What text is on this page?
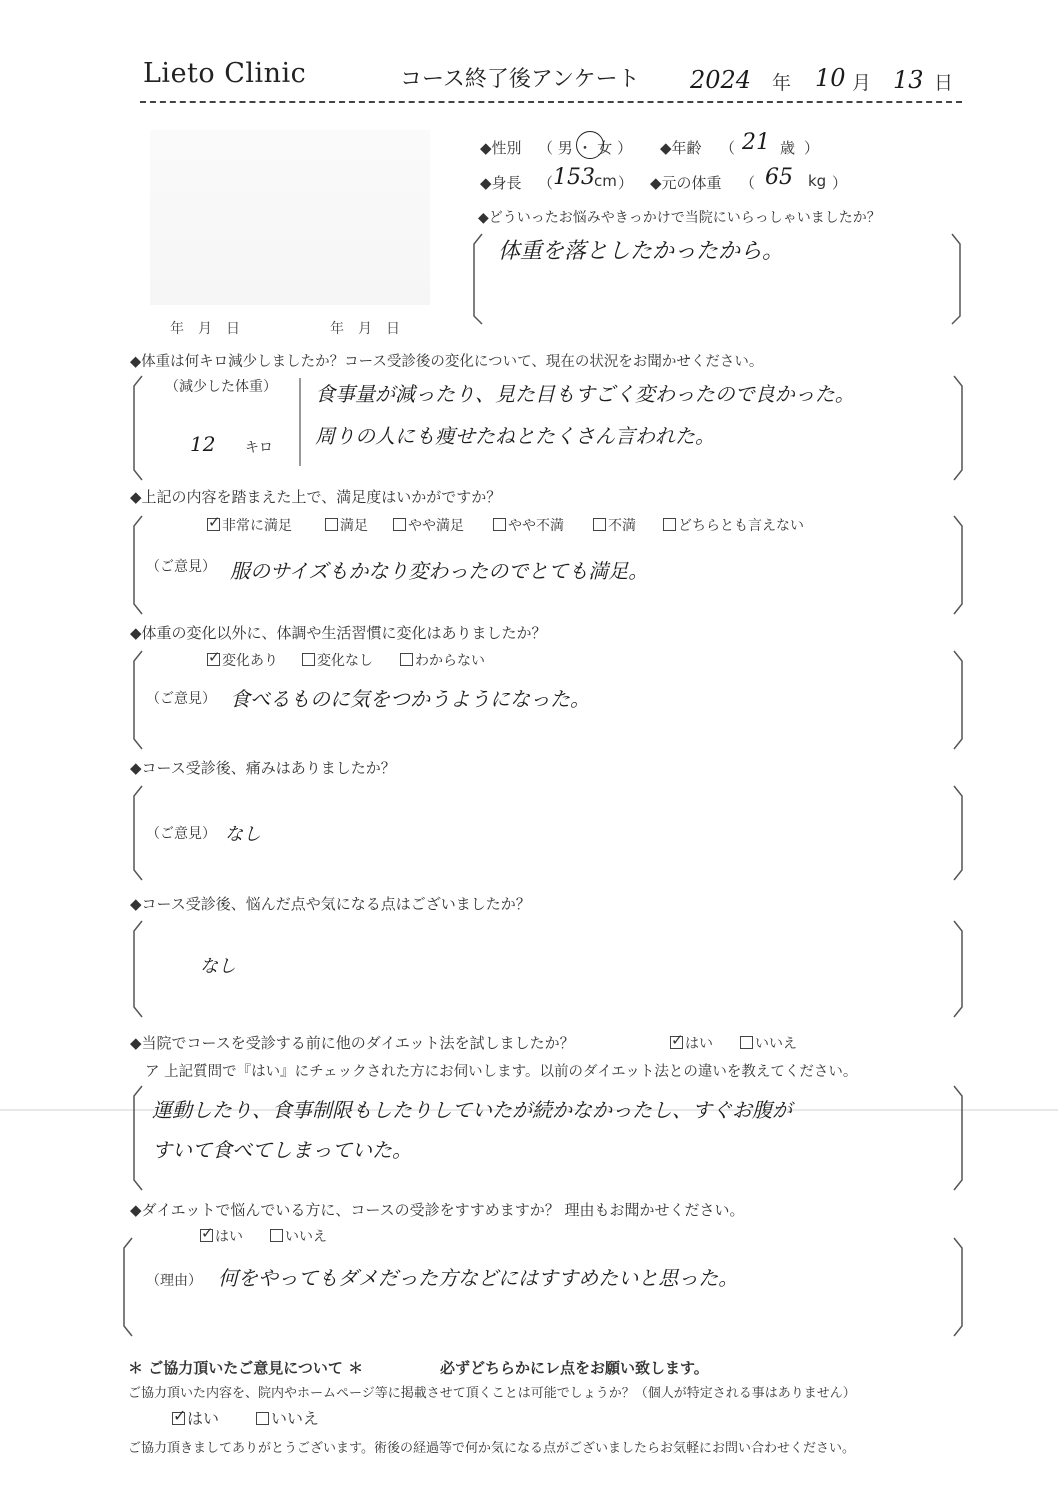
Lieto Clinic	コース終了後アンケート 2024 年 10 月 13 日
年　月　日	年　月　日
◆性別 （ 男 ・ 女 ） ◆年齢 （ 21 歳 ）
◆身長 （ 153 cm ） ◆元の体重 （ 65 kg ）
◆どういったお悩みやきっかけで当院にいらっしゃいましたか？
体重を落としたかったから。
◆体重は何キロ減少しましたか？コース受診後の変化について、現在の状況をお聞かせください。
（減少した体重）
12 キロ
食事量が減ったり、見た目もすごく変わったので良かった。
周りの人にも痩せたねとたくさん言われた。
◆上記の内容を踏まえた上で、満足度はいかがですか？
✓ 非常に満足	満足	やや満足	やや不満	不満	どちらとも言えない
（ご意見） 服のサイズもかなり変わったのでとても満足。
◆体重の変化以外に、体調や生活習慣に変化はありましたか？
✓ 変化あり	変化なし	わからない
（ご意見） 食べるものに気をつかうようになった。
◆コース受診後、痛みはありましたか？
（ご意見） なし
◆コース受診後、悩んだ点や気になる点はございましたか？
なし
◆当院でコースを受診する前に他のダイエット法を試しましたか？	✓ はい	いいえ
ア 上記質問で『はい』にチェックされた方にお伺いします。以前のダイエット法との違いを教えてください。
運動したり、食事制限もしたりしていたが続かなかったし、すぐお腹が
すいて食べてしまっていた。
◆ダイエットで悩んでいる方に、コースの受診をすすめますか？ 理由もお聞かせください。
✓ はい	いいえ
（理由） 何をやってもダメだった方などにはすすめたいと思った。
＊ ご協力頂いたご意見について ＊	必ずどちらかにレ点をお願い致します。
ご協力頂いた内容を、院内やホームページ等に掲載させて頂くことは可能でしょうか？（個人が特定される事はありません）
✓ はい	いいえ
ご協力頂きましてありがとうございます。術後の経過等で何か気になる点がございましたらお気軽にお問い合わせください。
